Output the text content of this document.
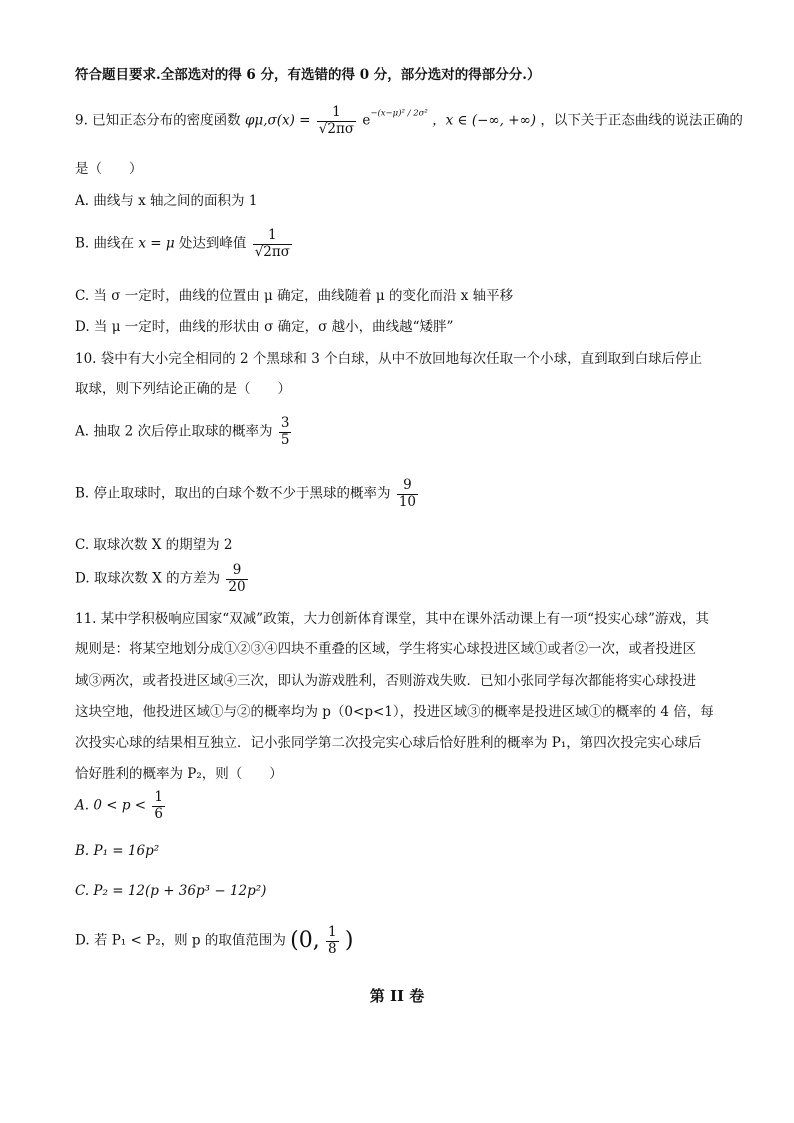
符合题目要求.全部选对的得 6 分，有选错的得 0 分，部分选对的得部分分.）
9. 已知正态分布的密度函数 $\varphi\mu,\sigma(x) = \frac{1}{√2\pi\sigma} e^{-(x-\mu)^2 / 2\sigma^2}$ ，x ∈ (−∞, +∞) ，以下关于正态曲线的说法正确的
是（　　）
A. 曲线与 x 轴之间的面积为 1
B. 曲线在 x = μ 处达到峰值 $\frac{1}{√2\pi\sigma}$
C. 当 σ 一定时，曲线的位置由 μ 确定，曲线随着 μ 的变化而沿 x 轴平移
D. 当 μ 一定时，曲线的形状由 σ 确定，σ 越小，曲线越“矮胖”
10. 袋中有大小完全相同的 2 个黑球和 3 个白球，从中不放回地每次任取一个小球，直到取到白球后停止
取球，则下列结论正确的是（　　）
A. 抽取 2 次后停止取球的概率为 $\frac{3}{5}$
B. 停止取球时，取出的白球个数不少于黑球的概率为 $\frac{9}{10}$
C. 取球次数 X 的期望为 2
D. 取球次数 X 的方差为 $\frac{9}{20}$
11. 某中学积极响应国家“双减”政策，大力创新体育课堂，其中在课外活动课上有一项“投实心球”游戏，其
规则是：将某空地划分成①②③④四块不重叠的区域，学生将实心球投进区域①或者②一次，或者投进区
域③两次，或者投进区域④三次，即认为游戏胜利，否则游戏失败．已知小张同学每次都能将实心球投进
这块空地，他投进区域①与②的概率均为 p（0<p<1），投进区域③的概率是投进区域①的概率的 4 倍，每
次投实心球的结果相互独立．记小张同学第二次投完实心球后恰好胜利的概率为 P₁，第四次投完实心球后
恰好胜利的概率为 P₂，则（　　）
A. $0 < p < \frac{1}{6}$
B. P₁ = 16p²
C. P₂ = 12(p + 36p³ − 12p²)
D. 若 P₁ < P₂，则 p 的取值范围为 (0, $\frac{1}{8}$ )
第 II 卷
